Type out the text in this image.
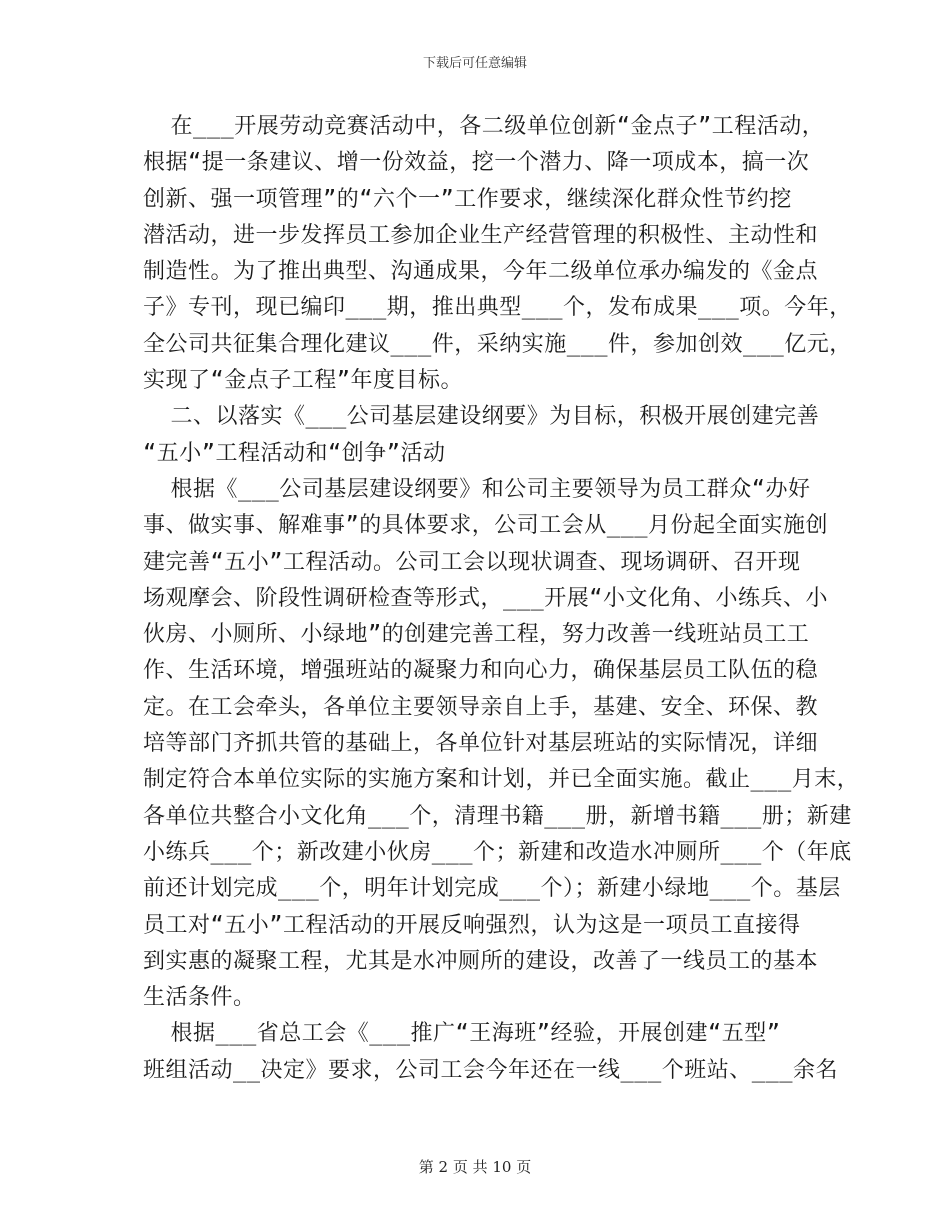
下载后可任意编辑
在___开展劳动竞赛活动中，各二级单位创新“金点子”工程活动，
根据“提一条建议、增一份效益，挖一个潜力、降一项成本，搞一次
创新、强一项管理”的“六个一”工作要求，继续深化群众性节约挖
潜活动，进一步发挥员工参加企业生产经营管理的积极性、主动性和
制造性。为了推出典型、沟通成果，今年二级单位承办编发的《金点
子》专刊，现已编印___期，推出典型___个，发布成果___项。今年，
全公司共征集合理化建议___件，采纳实施___件，参加创效___亿元，
实现了“金点子工程”年度目标。
二、以落实《___公司基层建设纲要》为目标，积极开展创建完善
“五小”工程活动和“创争”活动
根据《___公司基层建设纲要》和公司主要领导为员工群众“办好
事、做实事、解难事”的具体要求，公司工会从___月份起全面实施创
建完善“五小”工程活动。公司工会以现状调查、现场调研、召开现
场观摩会、阶段性调研检查等形式，___开展“小文化角、小练兵、小
伙房、小厕所、小绿地”的创建完善工程，努力改善一线班站员工工
作、生活环境，增强班站的凝聚力和向心力，确保基层员工队伍的稳
定。在工会牵头，各单位主要领导亲自上手，基建、安全、环保、教
培等部门齐抓共管的基础上，各单位针对基层班站的实际情况，详细
制定符合本单位实际的实施方案和计划，并已全面实施。截止___月末，
各单位共整合小文化角___个，清理书籍___册，新增书籍___册；新建
小练兵___个；新改建小伙房___个；新建和改造水冲厕所___个（年底
前还计划完成___个，明年计划完成___个）；新建小绿地___个。基层
员工对“五小”工程活动的开展反响强烈，认为这是一项员工直接得
到实惠的凝聚工程，尤其是水冲厕所的建设，改善了一线员工的基本
生活条件。
根据___省总工会《___推广“王海班”经验，开展创建“五型”
班组活动__决定》要求，公司工会今年还在一线___个班站、___余名
第 2 页 共 10 页
